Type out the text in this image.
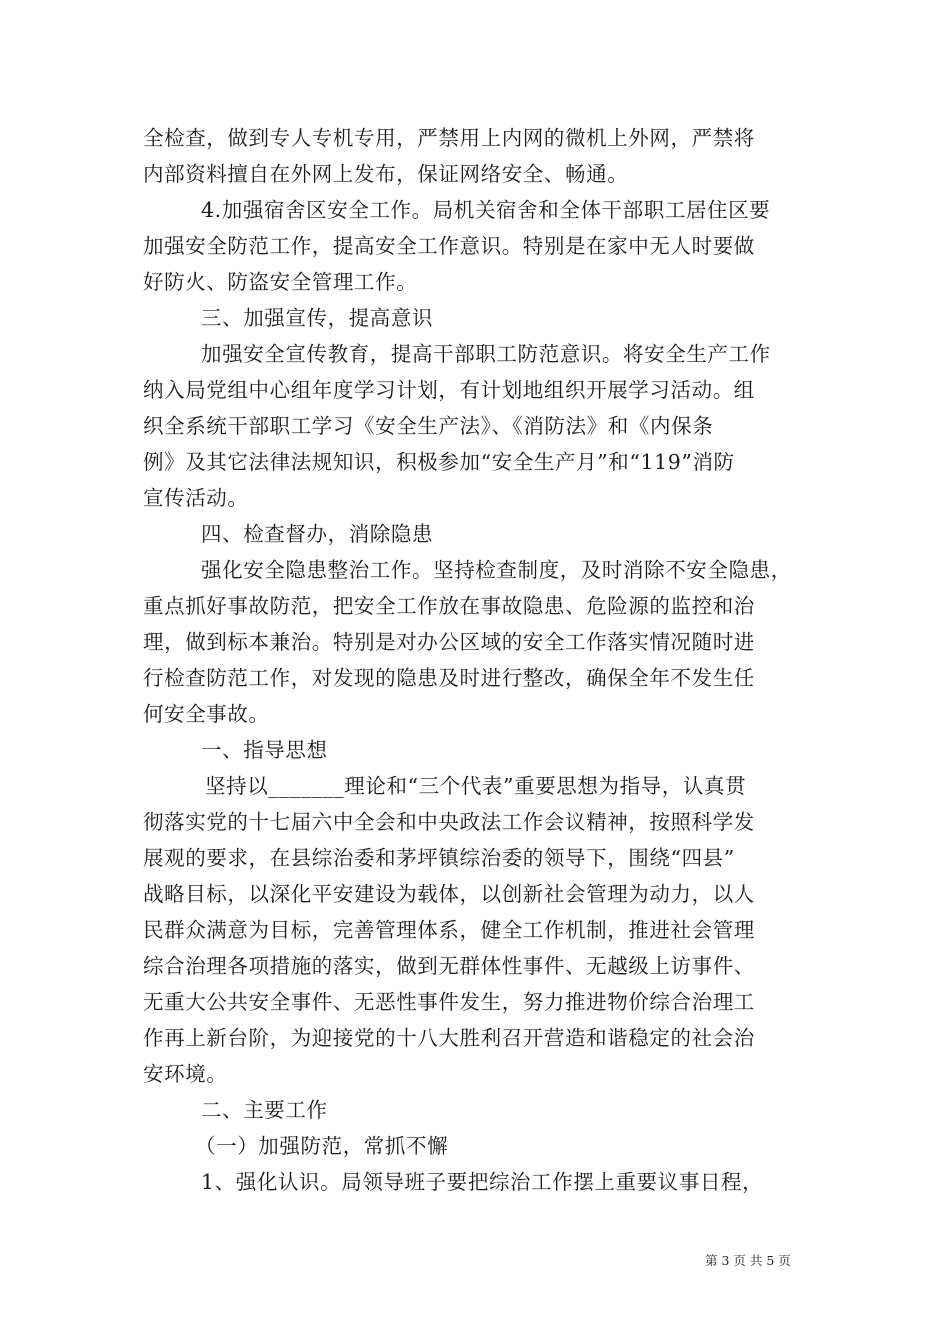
全检查，做到专人专机专用，严禁用上内网的微机上外网，严禁将
内部资料擅自在外网上发布，保证网络安全、畅通。
4.加强宿舍区安全工作。局机关宿舍和全体干部职工居住区要
加强安全防范工作，提高安全工作意识。特别是在家中无人时要做
好防火、防盗安全管理工作。
三、加强宣传，提高意识
加强安全宣传教育，提高干部职工防范意识。将安全生产工作
纳入局党组中心组年度学习计划，有计划地组织开展学习活动。组
织全系统干部职工学习《安全生产法》、《消防法》和《内保条
例》及其它法律法规知识，积极参加“安全生产月”和“119”消防
宣传活动。
四、检查督办，消除隐患
强化安全隐患整治工作。坚持检查制度，及时消除不安全隐患，
重点抓好事故防范，把安全工作放在事故隐患、危险源的监控和治
理，做到标本兼治。特别是对办公区域的安全工作落实情况随时进
行检查防范工作，对发现的隐患及时进行整改，确保全年不发生任
何安全事故。
一、指导思想
坚持以_______理论和“三个代表”重要思想为指导，认真贯
彻落实党的十七届六中全会和中央政法工作会议精神，按照科学发
展观的要求，在县综治委和茅坪镇综治委的领导下，围绕“四县”
战略目标，以深化平安建设为载体，以创新社会管理为动力，以人
民群众满意为目标，完善管理体系，健全工作机制，推进社会管理
综合治理各项措施的落实，做到无群体性事件、无越级上访事件、
无重大公共安全事件、无恶性事件发生，努力推进物价综合治理工
作再上新台阶，为迎接党的十八大胜利召开营造和谐稳定的社会治
安环境。
二、主要工作
（一）加强防范，常抓不懈
1、强化认识。局领导班子要把综治工作摆上重要议事日程，
第 3 页 共 5 页
